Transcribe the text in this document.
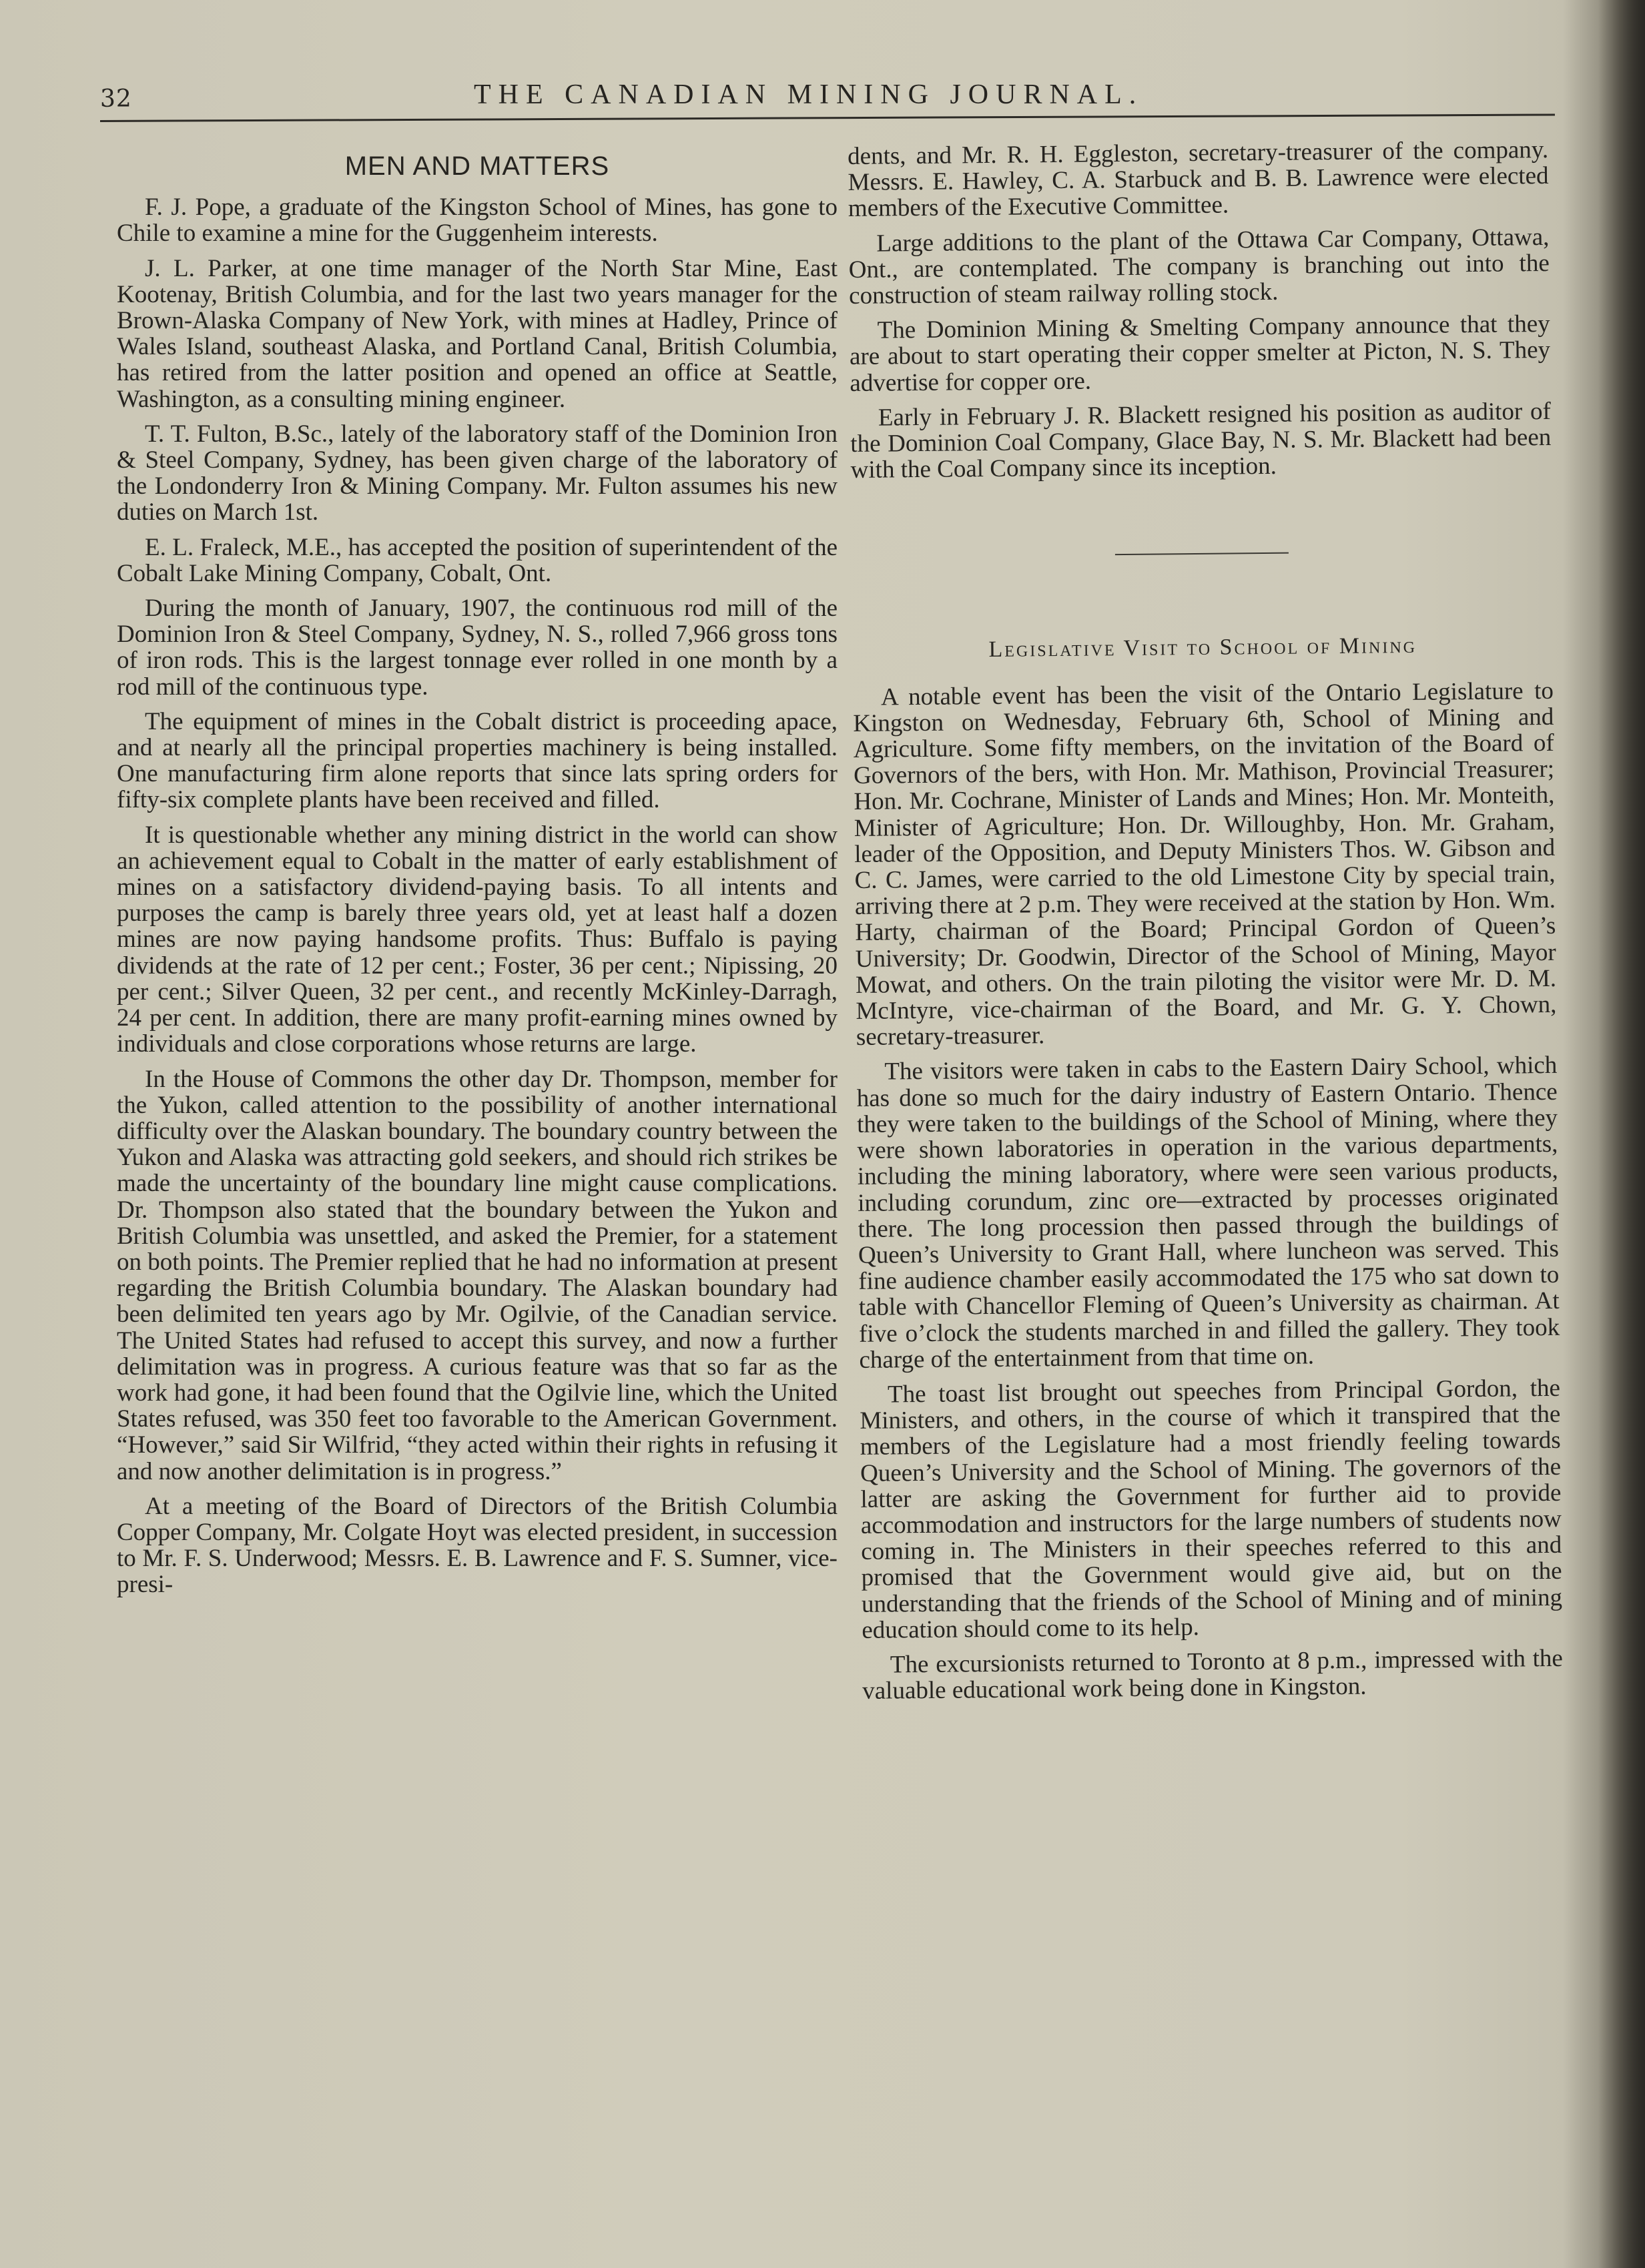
32	THE CANADIAN MINING JOURNAL.
MEN AND MATTERS

F. J. Pope, a graduate of the Kingston School of Mines, has gone to Chile to examine a mine for the Guggenheim interests.

J. L. Parker, at one time manager of the North Star Mine, East Kootenay, British Columbia, and for the last two years manager for the Brown-Alaska Company of New York, with mines at Hadley, Prince of Wales Island, southeast Alaska, and Portland Canal, British Columbia, has retired from the latter position and opened an office at Seattle, Washington, as a consulting mining engineer.

T. T. Fulton, B.Sc., lately of the laboratory staff of the Dominion Iron & Steel Company, Sydney, has been given charge of the laboratory of the Londonderry Iron & Mining Company. Mr. Fulton assumes his new duties on March 1st.

E. L. Fraleck, M.E., has accepted the position of superintendent of the Cobalt Lake Mining Company, Cobalt, Ont.

During the month of January, 1907, the continuous rod mill of the Dominion Iron & Steel Company, Sydney, N. S., rolled 7,966 gross tons of iron rods. This is the largest tonnage ever rolled in one month by a rod mill of the continuous type.

The equipment of mines in the Cobalt district is proceeding apace, and at nearly all the principal properties machinery is being installed. One manufacturing firm alone reports that since lats spring orders for fifty-six complete plants have been received and filled.

It is questionable whether any mining district in the world can show an achievement equal to Cobalt in the matter of early establishment of mines on a satisfactory dividend-paying basis. To all intents and purposes the camp is barely three years old, yet at least half a dozen mines are now paying handsome profits. Thus: Buffalo is paying dividends at the rate of 12 per cent.; Foster, 36 per cent.; Nipissing, 20 per cent.; Silver Queen, 32 per cent., and recently McKinley-Darragh, 24 per cent. In addition, there are many profit-earning mines owned by individuals and close corporations whose returns are large.

In the House of Commons the other day Dr. Thompson, member for the Yukon, called attention to the possibility of another international difficulty over the Alaskan boundary. The boundary country between the Yukon and Alaska was attracting gold seekers, and should rich strikes be made the uncertainty of the boundary line might cause complications. Dr. Thompson also stated that the boundary between the Yukon and British Columbia was unsettled, and asked the Premier, for a statement on both points. The Premier replied that he had no information at present regarding the British Columbia boundary. The Alaskan boundary had been delimited ten years ago by Mr. Ogilvie, of the Canadian service. The United States had refused to accept this survey, and now a further delimitation was in progress. A curious feature was that so far as the work had gone, it had been found that the Ogilvie line, which the United States refused, was 350 feet too favorable to the American Government. “However,” said Sir Wilfrid, “they acted within their rights in refusing it and now another delimitation is in progress.”

At a meeting of the Board of Directors of the British Columbia Copper Company, Mr. Colgate Hoyt was elected president, in succession to Mr. F. S. Underwood; Messrs. E. B. Lawrence and F. S. Sumner, vice-presi-

dents, and Mr. R. H. Eggleston, secretary-treasurer of the company. Messrs. E. Hawley, C. A. Starbuck and B. B. Lawrence were elected members of the Executive Committee.

Large additions to the plant of the Ottawa Car Company, Ottawa, Ont., are contemplated. The company is branching out into the construction of steam railway rolling stock.

The Dominion Mining & Smelting Company announce that they are about to start operating their copper smelter at Picton, N. S. They advertise for copper ore.

Early in February J. R. Blackett resigned his position as auditor of the Dominion Coal Company, Glace Bay, N. S. Mr. Blackett had been with the Coal Company since its inception.

Legislative Visit to School of Mining

A notable event has been the visit of the Ontario Legislature to Kingston on Wednesday, February 6th, School of Mining and Agriculture. Some fifty members, on the invitation of the Board of Governors of the bers, with Hon. Mr. Mathison, Provincial Treasurer; Hon. Mr. Cochrane, Minister of Lands and Mines; Hon. Mr. Monteith, Minister of Agriculture; Hon. Dr. Willoughby, Hon. Mr. Graham, leader of the Opposition, and Deputy Ministers Thos. W. Gibson and C. C. James, were carried to the old Limestone City by special train, arriving there at 2 p.m. They were received at the station by Hon. Wm. Harty, chairman of the Board; Principal Gordon of Queen’s University; Dr. Goodwin, Director of the School of Mining, Mayor Mowat, and others. On the train piloting the visitor were Mr. D. M. McIntyre, vice-chairman of the Board, and Mr. G. Y. Chown, secretary-treasurer.

The visitors were taken in cabs to the Eastern Dairy School, which has done so much for the dairy industry of Eastern Ontario. Thence they were taken to the buildings of the School of Mining, where they were shown laboratories in operation in the various departments, including the mining laboratory, where were seen various products, including corundum, zinc ore—extracted by processes originated there. The long procession then passed through the buildings of Queen’s University to Grant Hall, where luncheon was served. This fine audience chamber easily accommodated the 175 who sat down to table with Chancellor Fleming of Queen’s University as chairman. At five o’clock the students marched in and filled the gallery. They took charge of the entertainment from that time on.

The toast list brought out speeches from Principal Gordon, the Ministers, and others, in the course of which it transpired that the members of the Legislature had a most friendly feeling towards Queen’s University and the School of Mining. The governors of the latter are asking the Government for further aid to provide accommodation and instructors for the large numbers of students now coming in. The Ministers in their speeches referred to this and promised that the Government would give aid, but on the understanding that the friends of the School of Mining and of mining education should come to its help.

The excursionists returned to Toronto at 8 p.m., impressed with the valuable educational work being done in Kingston.
